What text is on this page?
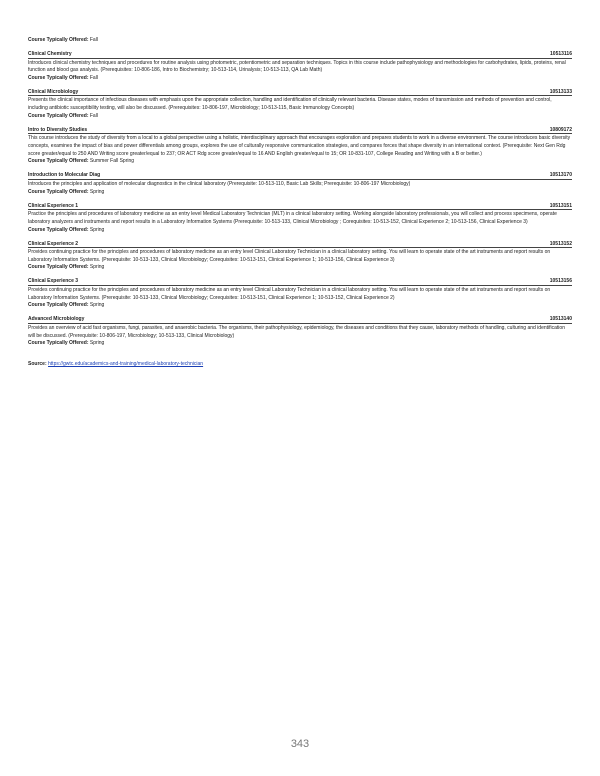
Course Typically Offered: Fall
Clinical Chemistry	10513116
Introduces clinical chemistry techniques and procedures for routine analysis using photometric, potentiometric and separation techniques. Topics in this course include pathophysiology and methodologies for carbohydrates, lipids, proteins, renal function and blood gas analysis. (Prerequisites: 10-806-186, Intro to Biochemistry; 10-513-114, Urinalysis; 10-513-113, QA Lab Math)
Course Typically Offered: Fall
Clinical Microbiology	10513133
Presents the clinical importance of infectious diseases with emphasis upon the appropriate collection, handling and identification of clinically relevant bacteria. Disease states, modes of transmission and methods of prevention and control, including antibiotic susceptibility testing, will also be discussed. (Prerequisites: 10-806-197, Microbiology; 10-513-115, Basic Immunology Concepts)
Course Typically Offered: Fall
Intro to Diversity Studies	10809172
This course introduces the study of diversity from a local to a global perspective using a holistic, interdisciplinary approach that encourages exploration and prepares students to work in a diverse environment. The course introduces basic diversity concepts, examines the impact of bias and power differentials among groups, explores the use of culturally responsive communication strategies, and compares forces that shape diversity in an international context. (Prerequisite: Next Gen Rdg score greater/equal to 250 AND Writing score greater/equal to 237; OR ACT Rdg score greater/equal to 16 AND English greater/equal to 15; OR 10-831-107, College Reading and Writing with a B or better.)
Course Typically Offered: Summer Fall Spring
Introduction to Molecular Diag	10513170
Introduces the principles and application of molecular diagnostics in the clinical laboratory (Prerequisite: 10-513-110, Basic Lab Skills; Prerequisite: 10-806-197 Microbiology)
Course Typically Offered: Spring
Clinical Experience 1	10513151
Practice the principles and procedures of laboratory medicine as an entry level Medical Laboratory Technician (MLT) in a clinical laboratory setting. Working alongside laboratory professionals, you will collect and process specimens, operate laboratory analyzers and instruments and report results in a Laboratory Information Systems (Prerequisite: 10-513-133, Clinical Microbiology ; Corequisites: 10-513-152, Clinical Experience 2; 10-513-156, Clinical Experience 3)
Course Typically Offered: Spring
Clinical Experience 2	10513152
Provides continuing practice for the principles and procedures of laboratory medicine as an entry level Clinical Laboratory Technician in a clinical laboratory setting. You will learn to operate state of the art instruments and report results on Laboratory Information Systems. (Prerequisite: 10-513-133, Clinical Microbiology; Corequisites: 10-513-151, Clinical Experience 1; 10-513-156, Clinical Experience 3)
Course Typically Offered: Spring
Clinical Experience 3	10513156
Provides continuing practice for the principles and procedures of laboratory medicine as an entry level Clinical Laboratory Technician in a clinical laboratory setting. You will learn to operate state of the art instruments and report results on Laboratory Information Systems. (Prerequisite: 10-513-133, Clinical Microbiology; Corequisites: 10-513-151, Clinical Experience 1; 10-513-152, Clinical Experience 2)
Course Typically Offered: Spring
Advanced Microbiology	10513140
Provides an overview of acid fast organisms, fungi, parasites, and anaerobic bacteria. The organisms, their pathophysiology, epidemiology, the diseases and conditions that they cause, laboratory methods of handling, culturing and identification will be discussed. (Prerequisite: 10-806-197, Microbiology; 10-513-133, Clinical Microbiology)
Course Typically Offered: Spring
Source: https://gwtc.edu/academics-and-training/medical-laboratory-technician
343
